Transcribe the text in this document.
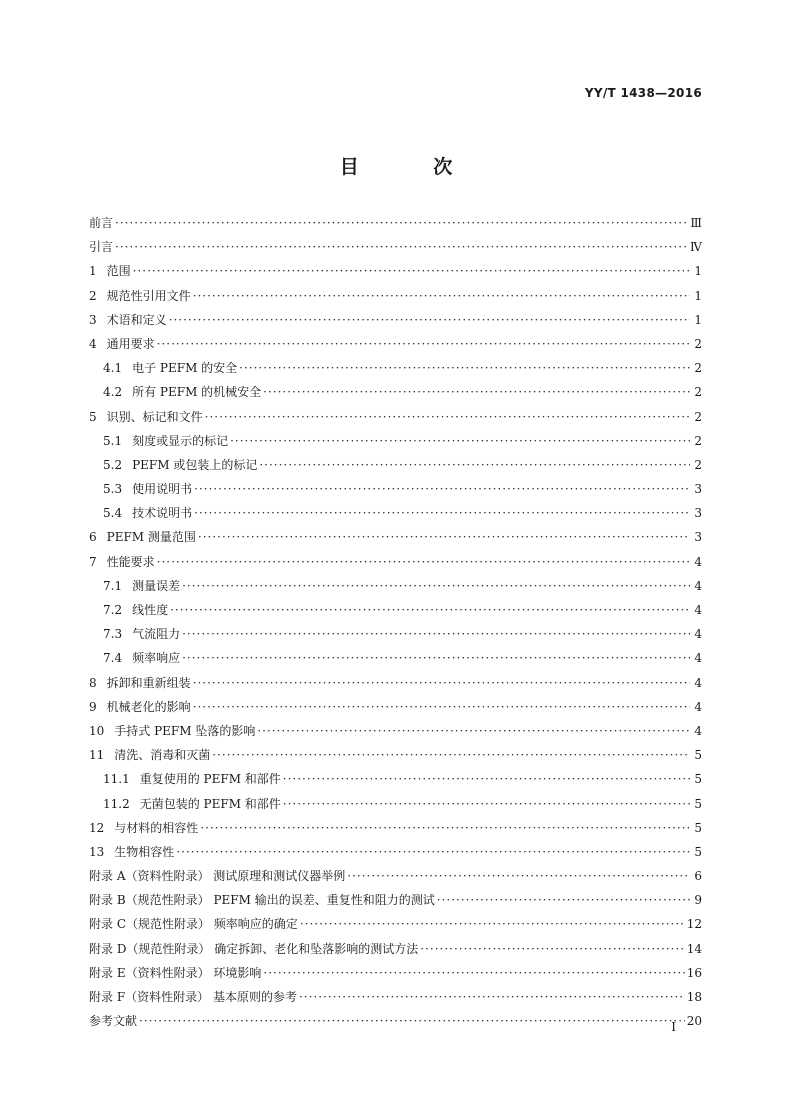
YY/T 1438—2016
目 次
前言 ·····	Ⅲ
引言 ·····	Ⅳ
1 范围 ·····	1
2 规范性引用文件 ·····	1
3 术语和定义 ·····	1
4 通用要求 ·····	2
4.1 电子 PEFM 的安全 ·····	2
4.2 所有 PEFM 的机械安全 ·····	2
5 识别、标记和文件 ·····	2
5.1 刻度或显示的标记 ·····	2
5.2 PEFM 或包装上的标记 ·····	2
5.3 使用说明书 ·····	3
5.4 技术说明书 ·····	3
6 PEFM 测量范围 ·····	3
7 性能要求 ·····	4
7.1 测量误差 ·····	4
7.2 线性度 ·····	4
7.3 气流阻力 ·····	4
7.4 频率响应 ·····	4
8 拆卸和重新组装 ·····	4
9 机械老化的影响 ·····	4
10 手持式 PEFM 坠落的影响 ·····	4
11 清洗、消毒和灭菌 ·····	5
11.1 重复使用的 PEFM 和部件 ·····	5
11.2 无菌包装的 PEFM 和部件 ·····	5
12 与材料的相容性 ·····	5
13 生物相容性 ·····	5
附录 A（资料性附录） 测试原理和测试仪器举例 ·····	6
附录 B（规范性附录） PEFM 输出的误差、重复性和阻力的测试 ·····	9
附录 C（规范性附录） 频率响应的确定 ·····	12
附录 D（规范性附录） 确定拆卸、老化和坠落影响的测试方法 ·····	14
附录 E（资料性附录） 环境影响 ·····	16
附录 F（资料性附录） 基本原则的参考 ·····	18
参考文献 ·····	20
I
